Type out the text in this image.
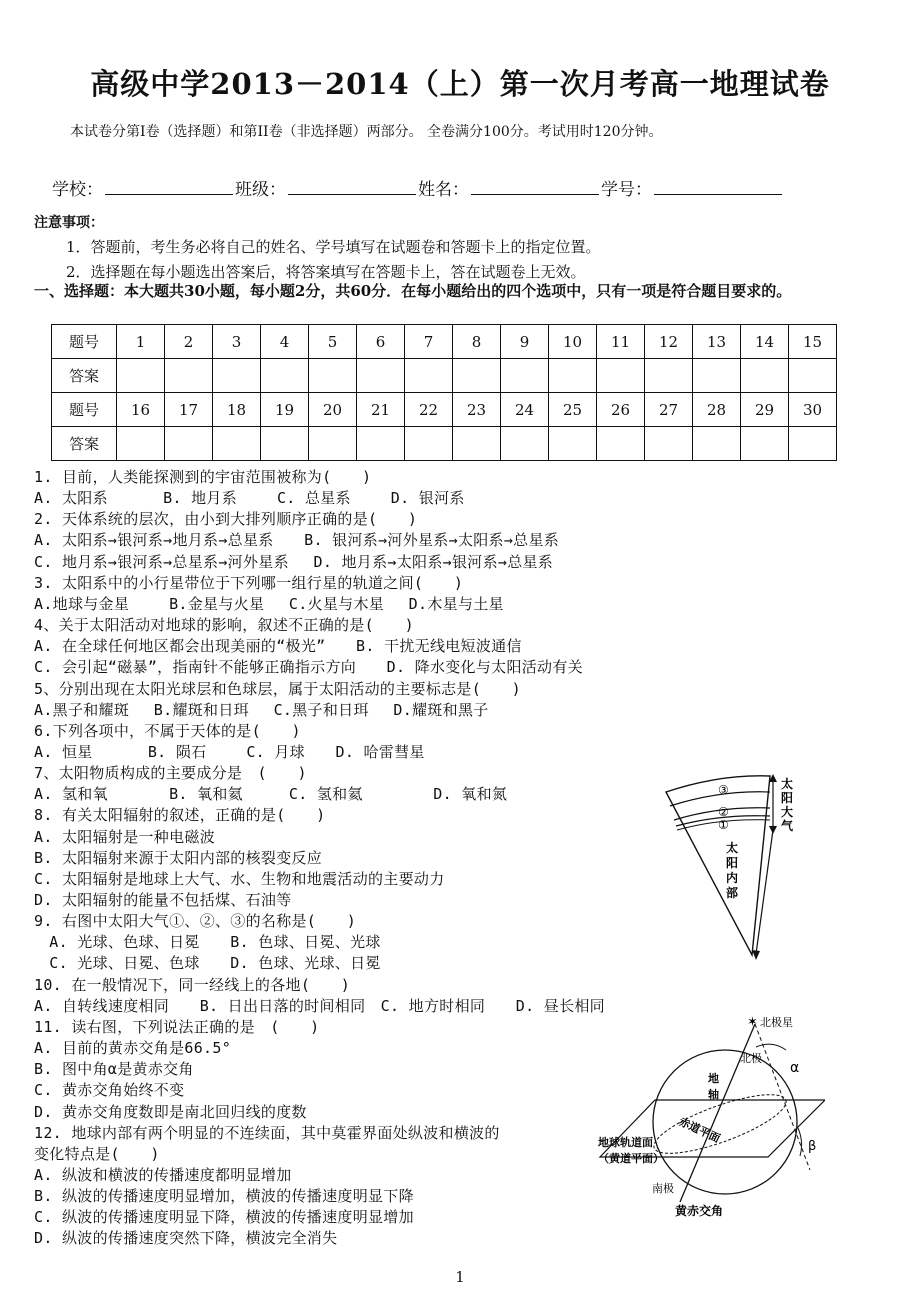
高级中学2013－2014（上）第一次月考高一地理试卷
本试卷分第I卷（选择题）和第II卷（非选择题）两部分。 全卷满分100分。考试用时120分钟。
学校：	班级：	姓名：	学号：
注意事项：
1．答题前，考生务必将自己的姓名、学号填写在试题卷和答题卡上的指定位置。
2．选择题在每小题选出答案后，将答案填写在答题卡上，答在试题卷上无效。
一、选择题：本大题共30小题，每小题2分，共60分．在每小题给出的四个选项中，只有一项是符合题目要求的。
题号	1	2	3	4	5	6	7	8	9	10	11	12	13	14	15
答案															
题号	16	17	18	19	20	21	22	23	24	25	26	27	28	29	30
答案															
1. 目前，人类能探测到的宇宙范围被称为(　　)
A. 太阳系　　　 B. 地月系　　 C. 总星系　　 D. 银河系
2. 天体系统的层次，由小到大排列顺序正确的是(　　)
A. 太阳系→银河系→地月系→总星系　　B. 银河系→河外星系→太阳系→总星系
C. 地月系→银河系→总星系→河外星系　 D. 地月系→太阳系→银河系→总星系
3. 太阳系中的小行星带位于下列哪一组行星的轨道之间(　　)
A.地球与金星　　 B.金星与火星　 C.火星与木星　 D.木星与土星
4、关于太阳活动对地球的影响，叙述不正确的是(　　)
A. 在全球任何地区都会出现美丽的“极光”　　B. 干扰无线电短波通信
C. 会引起“磁暴”，指南针不能够正确指示方向　　D. 降水变化与太阳活动有关
5、分别出现在太阳光球层和色球层，属于太阳活动的主要标志是(　　)
A.黑子和耀斑　 B.耀斑和日珥　 C.黑子和日珥　 D.耀斑和黑子
6.下列各项中，不属于天体的是(　　)
A. 恒星　　　 B. 陨石　　 C. 月球　　D. 哈雷彗星
7、太阳物质构成的主要成分是　(　　)
A. 氢和氧　　　　B. 氧和氦　　　C. 氢和氦　　　　 D. 氧和氮
8. 有关太阳辐射的叙述，正确的是(　　)
A. 太阳辐射是一种电磁波
B. 太阳辐射来源于太阳内部的核裂变反应
C. 太阳辐射是地球上大气、水、生物和地震活动的主要动力
D. 太阳辐射的能量不包括煤、石油等
9. 右图中太阳大气①、②、③的名称是(　　)
　A. 光球、色球、日冕　　B. 色球、日冕、光球
　C. 光球、日冕、色球　　D. 色球、光球、日冕
10. 在一般情况下，同一经线上的各地(　　)
A. 自转线速度相同　　B. 日出日落的时间相同　C. 地方时相同　　D. 昼长相同
11. 读右图，下列说法正确的是　(　　)
A. 目前的黄赤交角是66.5°
B. 图中角α是黄赤交角
C. 黄赤交角始终不变
D. 黄赤交角度数即是南北回归线的度数
12. 地球内部有两个明显的不连续面，其中莫霍界面处纵波和横波的
变化特点是(　　)
A. 纵波和横波的传播速度都明显增加
B. 纵波的传播速度明显增加，横波的传播速度明显下降
C. 纵波的传播速度明显下降，横波的传播速度明显增加
D. 纵波的传播速度突然下降，横波完全消失
③
②
①
太
阳
大
气
太
阳
内
部
✶ 北极星
北极
α
地
轴
赤道平面
β
地球轨道面
（黄道平面）
南极
黄赤交角
1
